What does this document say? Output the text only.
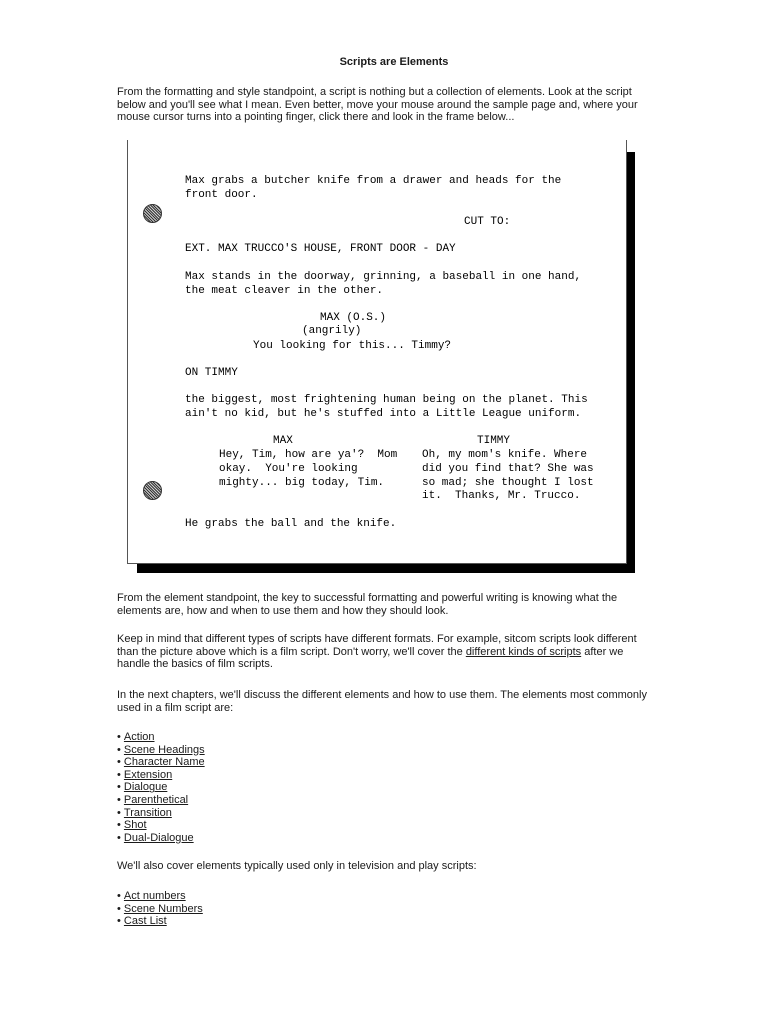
Scripts are Elements

From the formatting and style standpoint, a script is nothing but a collection of elements. Look at the script below and you'll see what I mean. Even better, move your mouse around the sample page and, where your mouse cursor turns into a pointing finger, click there and look in the frame below...

Max grabs a butcher knife from a drawer and heads for the
front door.
CUT TO:
EXT. MAX TRUCCO'S HOUSE, FRONT DOOR - DAY
Max stands in the doorway, grinning, a baseball in one hand,
the meat cleaver in the other.
MAX (O.S.)
(angrily)
You looking for this... Timmy?
ON TIMMY
the biggest, most frightening human being on the planet. This
ain't no kid, but he's stuffed into a Little League uniform.
MAX	TIMMY
Hey, Tim, how are ya'?  Mom
okay.  You're looking
mighty... big today, Tim.
Oh, my mom's knife. Where
did you find that? She was
so mad; she thought I lost
it.  Thanks, Mr. Trucco.
He grabs the ball and the knife.

From the element standpoint, the key to successful formatting and powerful writing is knowing what the elements are, how and when to use them and how they should look.

Keep in mind that different types of scripts have different formats. For example, sitcom scripts look different than the picture above which is a film script. Don't worry, we'll cover the different kinds of scripts after we handle the basics of film scripts.

In the next chapters, we'll discuss the different elements and how to use them. The elements most commonly used in a film script are:

• Action
• Scene Headings
• Character Name
• Extension
• Dialogue
• Parenthetical
• Transition
• Shot
• Dual-Dialogue

We'll also cover elements typically used only in television and play scripts:

• Act numbers
• Scene Numbers
• Cast List
